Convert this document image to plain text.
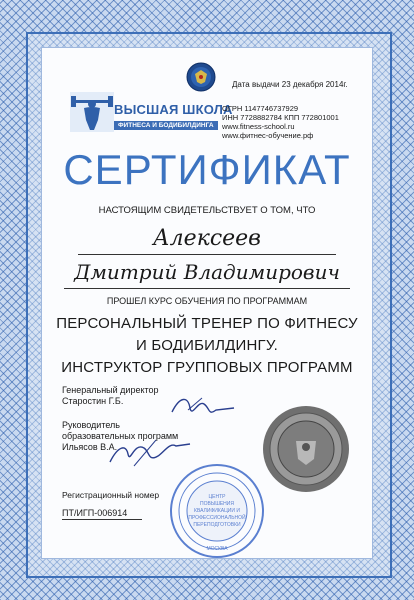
Дата выдачи 23 декабря 2014г.
ВЫСШАЯ ШКОЛА
ФИТНЕСА И БОДИБИЛДИНГА
ОГРН 1147746737929
ИНН 7728882784 КПП 772801001
www.fitness-school.ru
www.фитнес-обучение.рф
СЕРТИФИКАТ
НАСТОЯЩИМ СВИДЕТЕЛЬСТВУЕТ О ТОМ, ЧТО
Алексеев
Дмитрий Владимирович
ПРОШЕЛ КУРС ОБУЧЕНИЯ ПО ПРОГРАММАМ
ПЕРСОНАЛЬНЫЙ ТРЕНЕР ПО ФИТНЕСУ
И БОДИБИЛДИНГУ.
ИНСТРУКТОР ГРУППОВЫХ ПРОГРАММ
Генеральный директор
Старостин Г.Б.
Руководитель
образовательных программ
Ильясов В.А.
ЦЕНТР
ПОВЫШЕНИЯ
КВАЛИФИКАЦИИ И
ПРОФЕССИОНАЛЬНОЙ
ПЕРЕПОДГОТОВКИ
МОСКВА
Регистрационный номер
ПТ/ИГП-006914
